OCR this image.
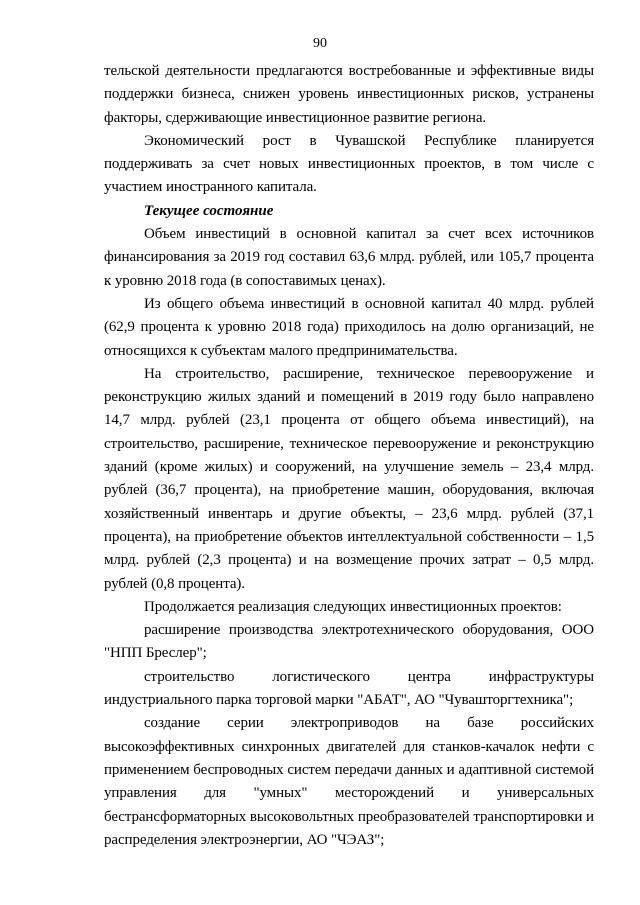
90

тельской деятельности предлагаются востребованные и эффективные виды поддержки бизнеса, снижен уровень инвестиционных рисков, устранены факторы, сдерживающие инвестиционное развитие региона.

Экономический рост в Чувашской Республике планируется поддерживать за счет новых инвестиционных проектов, в том числе с участием иностранного капитала.

Текущее состояние

Объем инвестиций в основной капитал за счет всех источников финансирования за 2019 год составил 63,6 млрд. рублей, или 105,7 процента к уровню 2018 года (в сопоставимых ценах).

Из общего объема инвестиций в основной капитал 40 млрд. рублей (62,9 процента к уровню 2018 года) приходилось на долю организаций, не относящихся к субъектам малого предпринимательства.

На строительство, расширение, техническое перевооружение и реконструкцию жилых зданий и помещений в 2019 году было направлено 14,7 млрд. рублей (23,1 процента от общего объема инвестиций), на строительство, расширение, техническое перевооружение и реконструкцию зданий (кроме жилых) и сооружений, на улучшение земель – 23,4 млрд. рублей (36,7 процента), на приобретение машин, оборудования, включая хозяйственный инвентарь и другие объекты, – 23,6 млрд. рублей (37,1 процента), на приобретение объектов интеллектуальной собственности – 1,5 млрд. рублей (2,3 процента) и на возмещение прочих затрат – 0,5 млрд. рублей (0,8 процента).

Продолжается реализация следующих инвестиционных проектов:

расширение производства электротехнического оборудования, ООО "НПП Бреслер";

строительство логистического центра инфраструктуры индустриального парка торговой марки "АБАТ", АО "Чувашторгтехника";

создание серии электроприводов на базе российских высокоэффективных синхронных двигателей для станков-качалок нефти с применением беспроводных систем передачи данных и адаптивной системой управления для "умных" месторождений и универсальных бестрансформаторных высоковольтных преобразователей транспортировки и распределения электроэнергии, АО "ЧЭАЗ";
